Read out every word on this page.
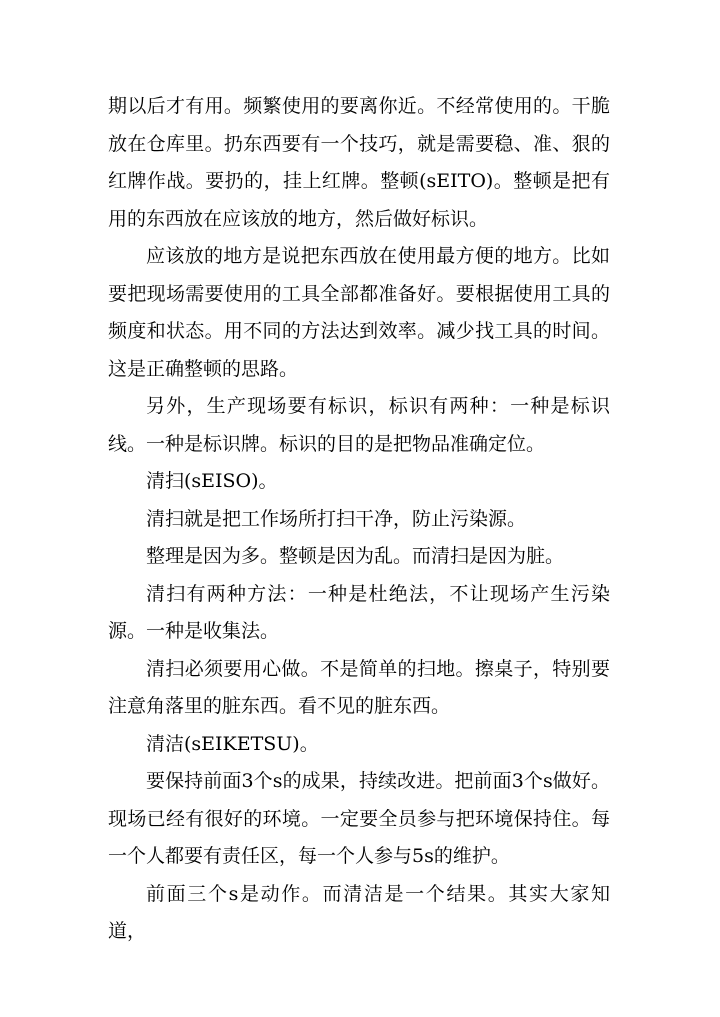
期以后才有用。频繁使用的要离你近。不经常使用的。干脆放在仓库里。扔东西要有一个技巧，就是需要稳、准、狠的红牌作战。要扔的，挂上红牌。整顿(sEITO)。整顿是把有用的东西放在应该放的地方，然后做好标识。

应该放的地方是说把东西放在使用最方便的地方。比如要把现场需要使用的工具全部都准备好。要根据使用工具的频度和状态。用不同的方法达到效率。减少找工具的时间。这是正确整顿的思路。

另外，生产现场要有标识，标识有两种：一种是标识线。一种是标识牌。标识的目的是把物品准确定位。

清扫(sEISO)。

清扫就是把工作场所打扫干净，防止污染源。

整理是因为多。整顿是因为乱。而清扫是因为脏。

清扫有两种方法：一种是杜绝法，不让现场产生污染源。一种是收集法。

清扫必须要用心做。不是简单的扫地。擦桌子，特别要注意角落里的脏东西。看不见的脏东西。

清洁(sEIKETSU)。

要保持前面3个s的成果，持续改进。把前面3个s做好。现场已经有很好的环境。一定要全员参与把环境保持住。每一个人都要有责任区，每一个人参与5s的维护。

前面三个s是动作。而清洁是一个结果。其实大家知道，
